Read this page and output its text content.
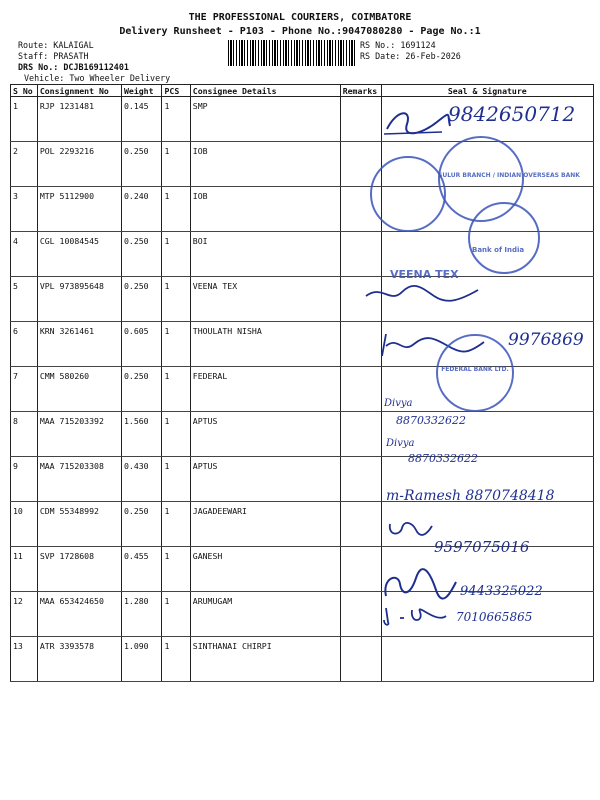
THE PROFESSIONAL COURIERS, COIMBATORE
Delivery Runsheet - P103 - Phone No.:9047080280 - Page No.:1
Route: KALAIGAL
Staff: PRASATH
DRS No.: DCJB169112401
Vehicle: Two Wheeler Delivery
RS No.: 1691124
RS Date: 26-Feb-2026
S No	Consignment No	Weight	PCS	Consignee Details	Remarks	Seal & Signature
1	RJP 1231481	0.145	1	SMP		
2	POL 2293216	0.250	1	IOB		
3	MTP 5112900	0.240	1	IOB		
4	CGL 10084545	0.250	1	BOI		
5	VPL 973895648	0.250	1	VEENA TEX		
6	KRN 3261461	0.605	1	THOULATH NISHA		
7	CMM 580260	0.250	1	FEDERAL		
8	MAA 715203392	1.560	1	APTUS		
9	MAA 715203308	0.430	1	APTUS		
10	CDM 55348992	0.250	1	JAGADEEWARI		
11	SVP 1728608	0.455	1	GANESH		
12	MAA 653424650	1.280	1	ARUMUGAM		
13	ATR 3393578	1.090	1	SINTHANAI CHIRPI		
9842650712
SULUR BRANCH / INDIAN OVERSEAS BANK
Bank of India
VEENA TEX
9976869
FEDERAL BANK LTD.
Divya
8870332622
Divya
8870332622
m-Ramesh 8870748418
9597075016
9443325022
7010665865
